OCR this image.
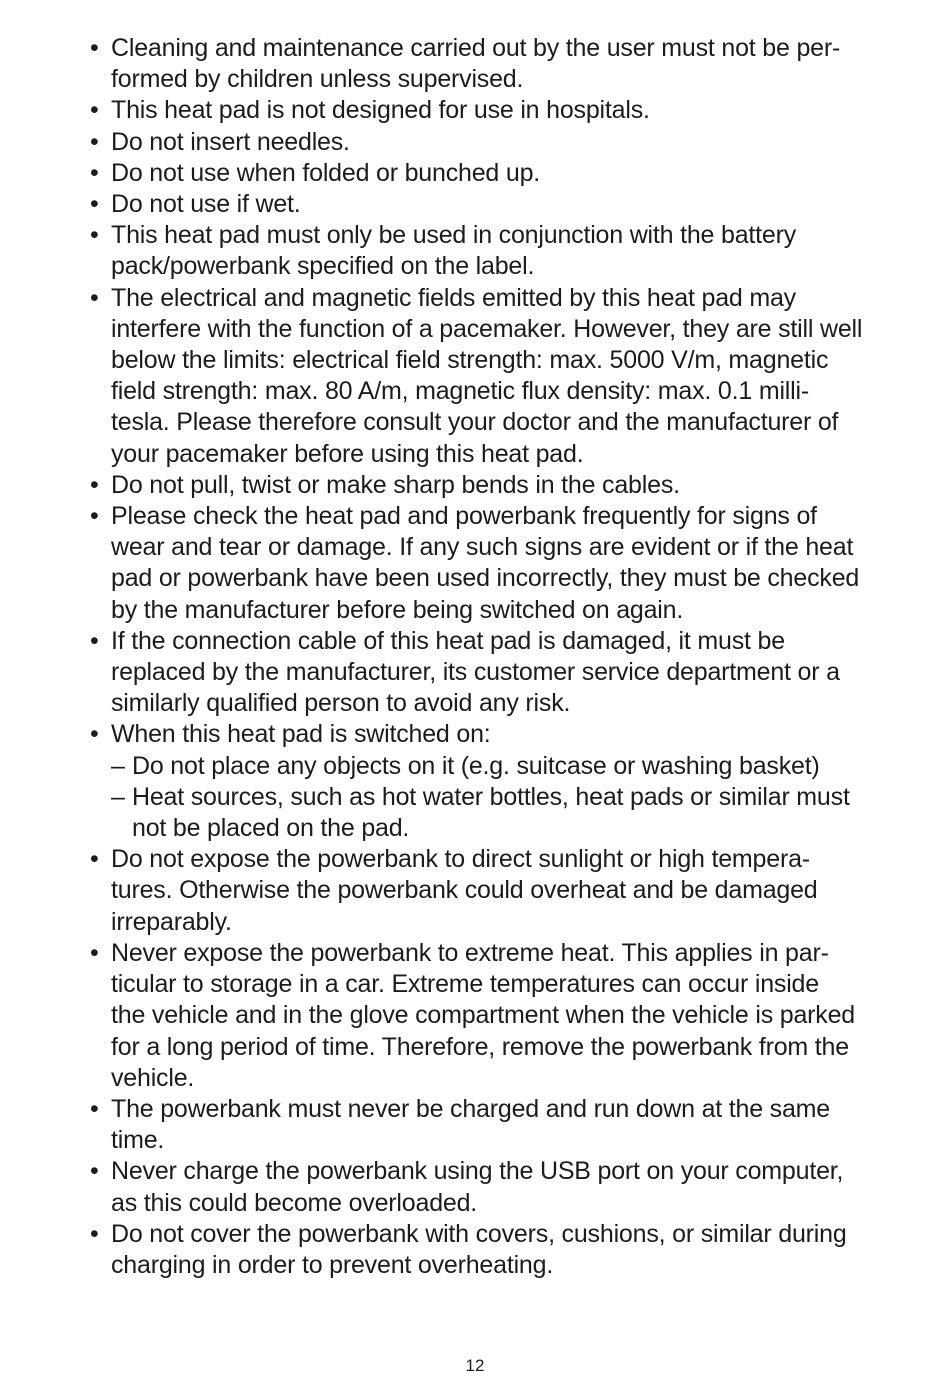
• Cleaning and maintenance carried out by the user must not be per-
formed by children unless supervised.
• This heat pad is not designed for use in hospitals.
• Do not insert needles.
• Do not use when folded or bunched up.
• Do not use if wet.
• This heat pad must only be used in conjunction with the battery
pack/powerbank specified on the label.
• The electrical and magnetic fields emitted by this heat pad may
interfere with the function of a pacemaker. However, they are still well
below the limits: electrical field strength: max. 5000 V/m, magnetic
field strength: max. 80 A/m, magnetic flux density: max. 0.1 milli-
tesla. Please therefore consult your doctor and the manufacturer of
your pacemaker before using this heat pad.
• Do not pull, twist or make sharp bends in the cables.
• Please check the heat pad and powerbank frequently for signs of
wear and tear or damage. If any such signs are evident or if the heat
pad or powerbank have been used incorrectly, they must be checked
by the manufacturer before being switched on again.
• If the connection cable of this heat pad is damaged, it must be
replaced by the manufacturer, its customer service department or a
similarly qualified person to avoid any risk.
• When this heat pad is switched on:
– Do not place any objects on it (e.g. suitcase or washing basket)
– Heat sources, such as hot water bottles, heat pads or similar must
not be placed on the pad.
• Do not expose the powerbank to direct sunlight or high tempera-
tures. Otherwise the powerbank could overheat and be damaged
irreparably.
• Never expose the powerbank to extreme heat. This applies in par-
ticular to storage in a car. Extreme temperatures can occur inside
the vehicle and in the glove compartment when the vehicle is parked
for a long period of time. Therefore, remove the powerbank from the
vehicle.
• The powerbank must never be charged and run down at the same
time.
• Never charge the powerbank using the USB port on your computer,
as this could become overloaded.
• Do not cover the powerbank with covers, cushions, or similar during
charging in order to prevent overheating.
12
